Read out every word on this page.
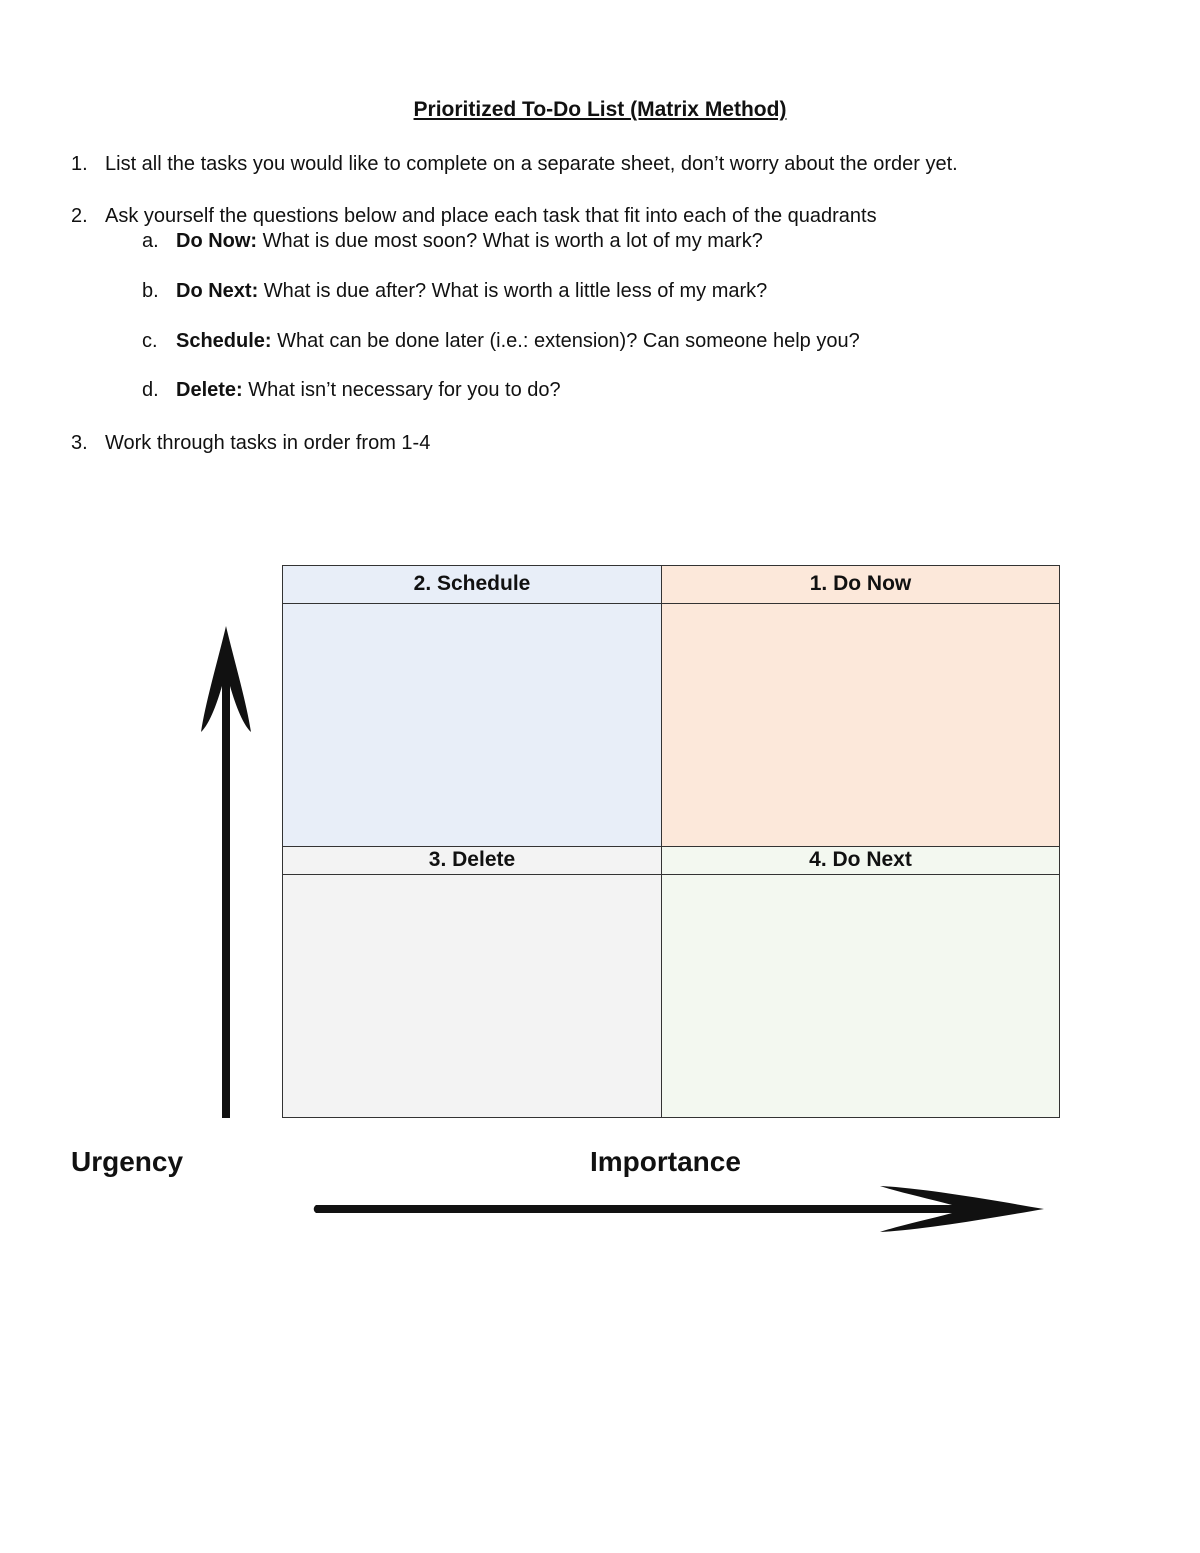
Prioritized To-Do List (Matrix Method)
1. List all the tasks you would like to complete on a separate sheet, don’t worry about the order yet.
2. Ask yourself the questions below and place each task that fit into each of the quadrants
a. Do Now: What is due most soon? What is worth a lot of my mark?
b. Do Next: What is due after? What is worth a little less of my mark?
c. Schedule: What can be done later (i.e.: extension)? Can someone help you?
d. Delete: What isn’t necessary for you to do?
3. Work through tasks in order from 1-4
2. Schedule	1. Do Now
3. Delete	4. Do Next
Urgency	Importance
